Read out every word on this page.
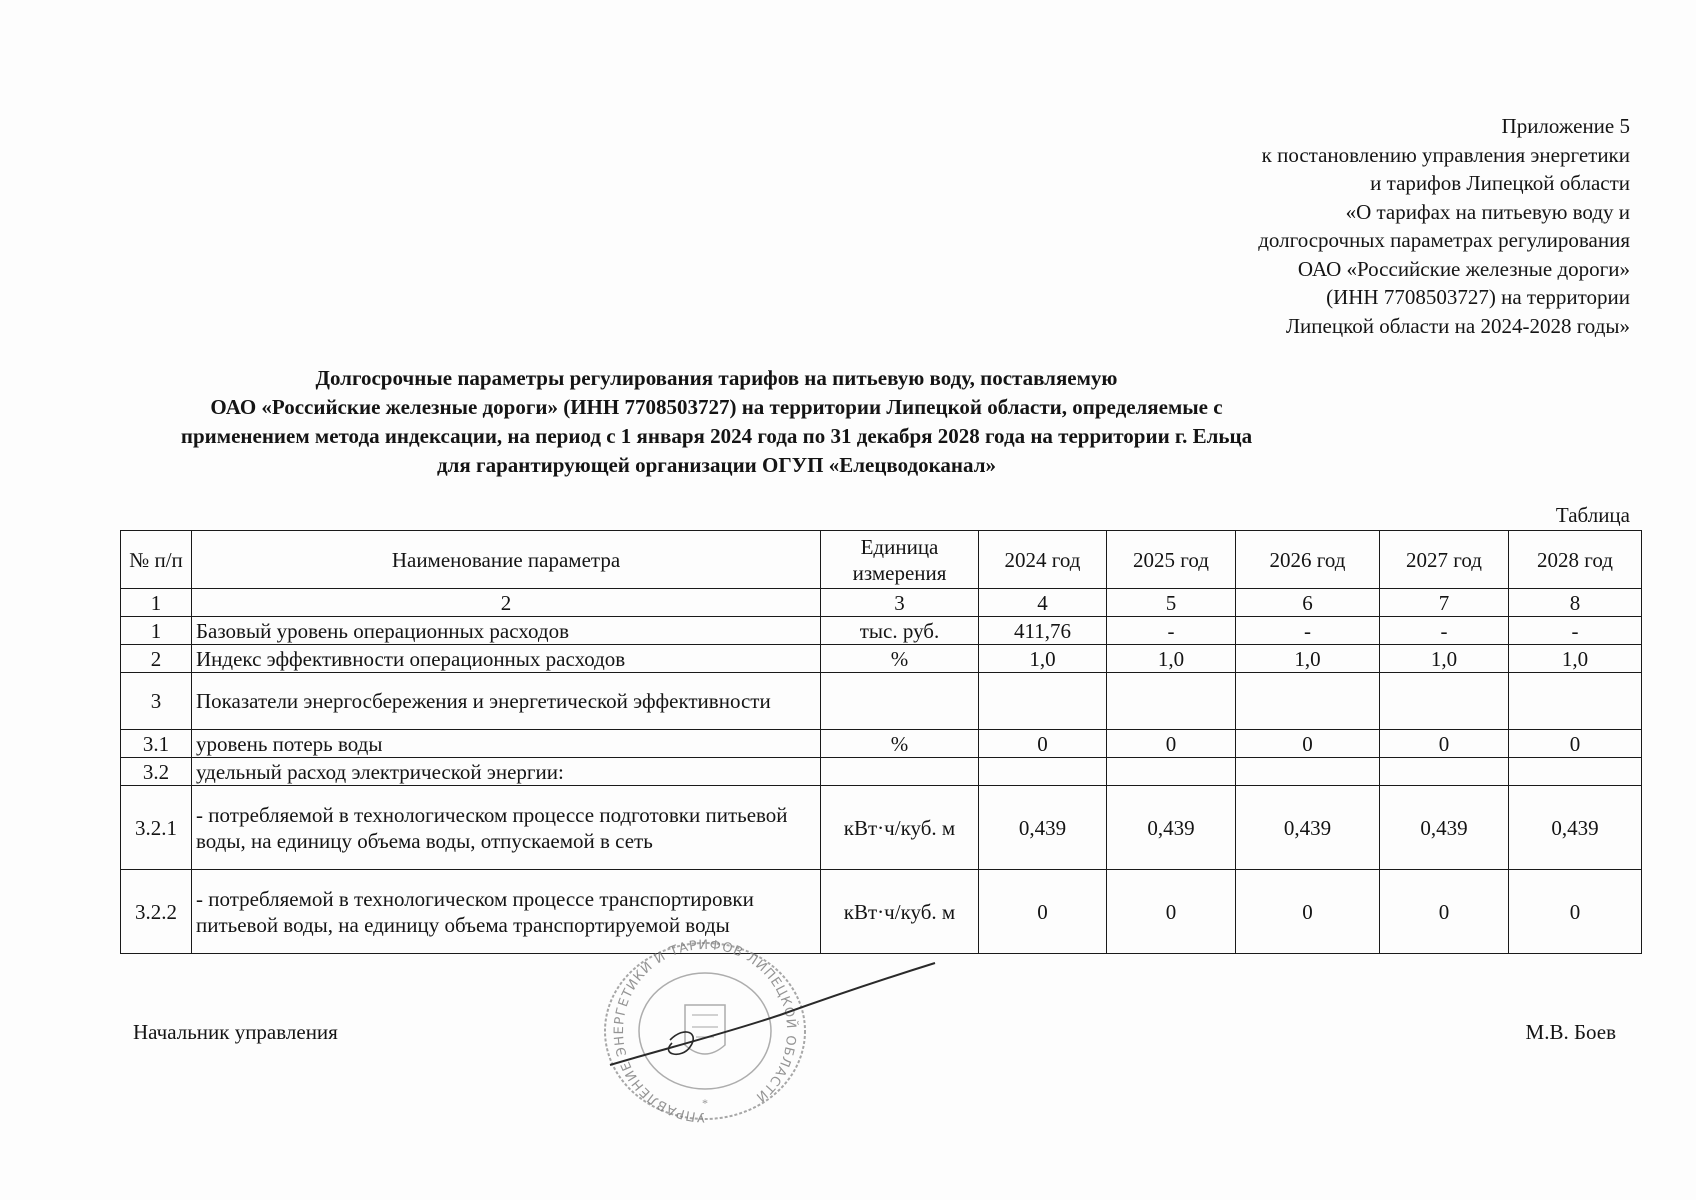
Приложение 5
к постановлению управления энергетики
и тарифов Липецкой области
«О тарифах на питьевую воду и
долгосрочных параметрах регулирования
ОАО «Российские железные дороги»
(ИНН 7708503727) на территории
Липецкой области на 2024-2028 годы»
Долгосрочные параметры регулирования тарифов на питьевую воду, поставляемую
ОАО «Российские железные дороги» (ИНН 7708503727) на территории Липецкой области, определяемые с
применением метода индексации, на период с 1 января 2024 года по 31 декабря 2028 года на территории г. Ельца
для гарантирующей организации ОГУП «Елецводоканал»
Таблица
№ п/п	Наименование параметра	Единица измерения	2024 год	2025 год	2026 год	2027 год	2028 год
1	2	3	4	5	6	7	8
1	Базовый уровень операционных расходов	тыс. руб.	411,76	-	-	-	-
2	Индекс эффективности операционных расходов	%	1,0	1,0	1,0	1,0	1,0
3	Показатели энергосбережения и энергетической эффективности						
3.1	уровень потерь воды	%	0	0	0	0	0
3.2	удельный расход электрической энергии:						
3.2.1	- потребляемой в технологическом процессе подготовки питьевой воды, на единицу объема воды, отпускаемой в сеть	кВт·ч/куб. м	0,439	0,439	0,439	0,439	0,439
3.2.2	- потребляемой в технологическом процессе транспортировки питьевой воды, на единицу объема транспортируемой воды	кВт·ч/куб. м	0	0	0	0	0
Начальник управления	М.В. Боев
УПРАВЛЕНИЕ ЭНЕРГЕТИКИ И ТАРИФОВ ЛИПЕЦКОЙ ОБЛАСТИ
*
